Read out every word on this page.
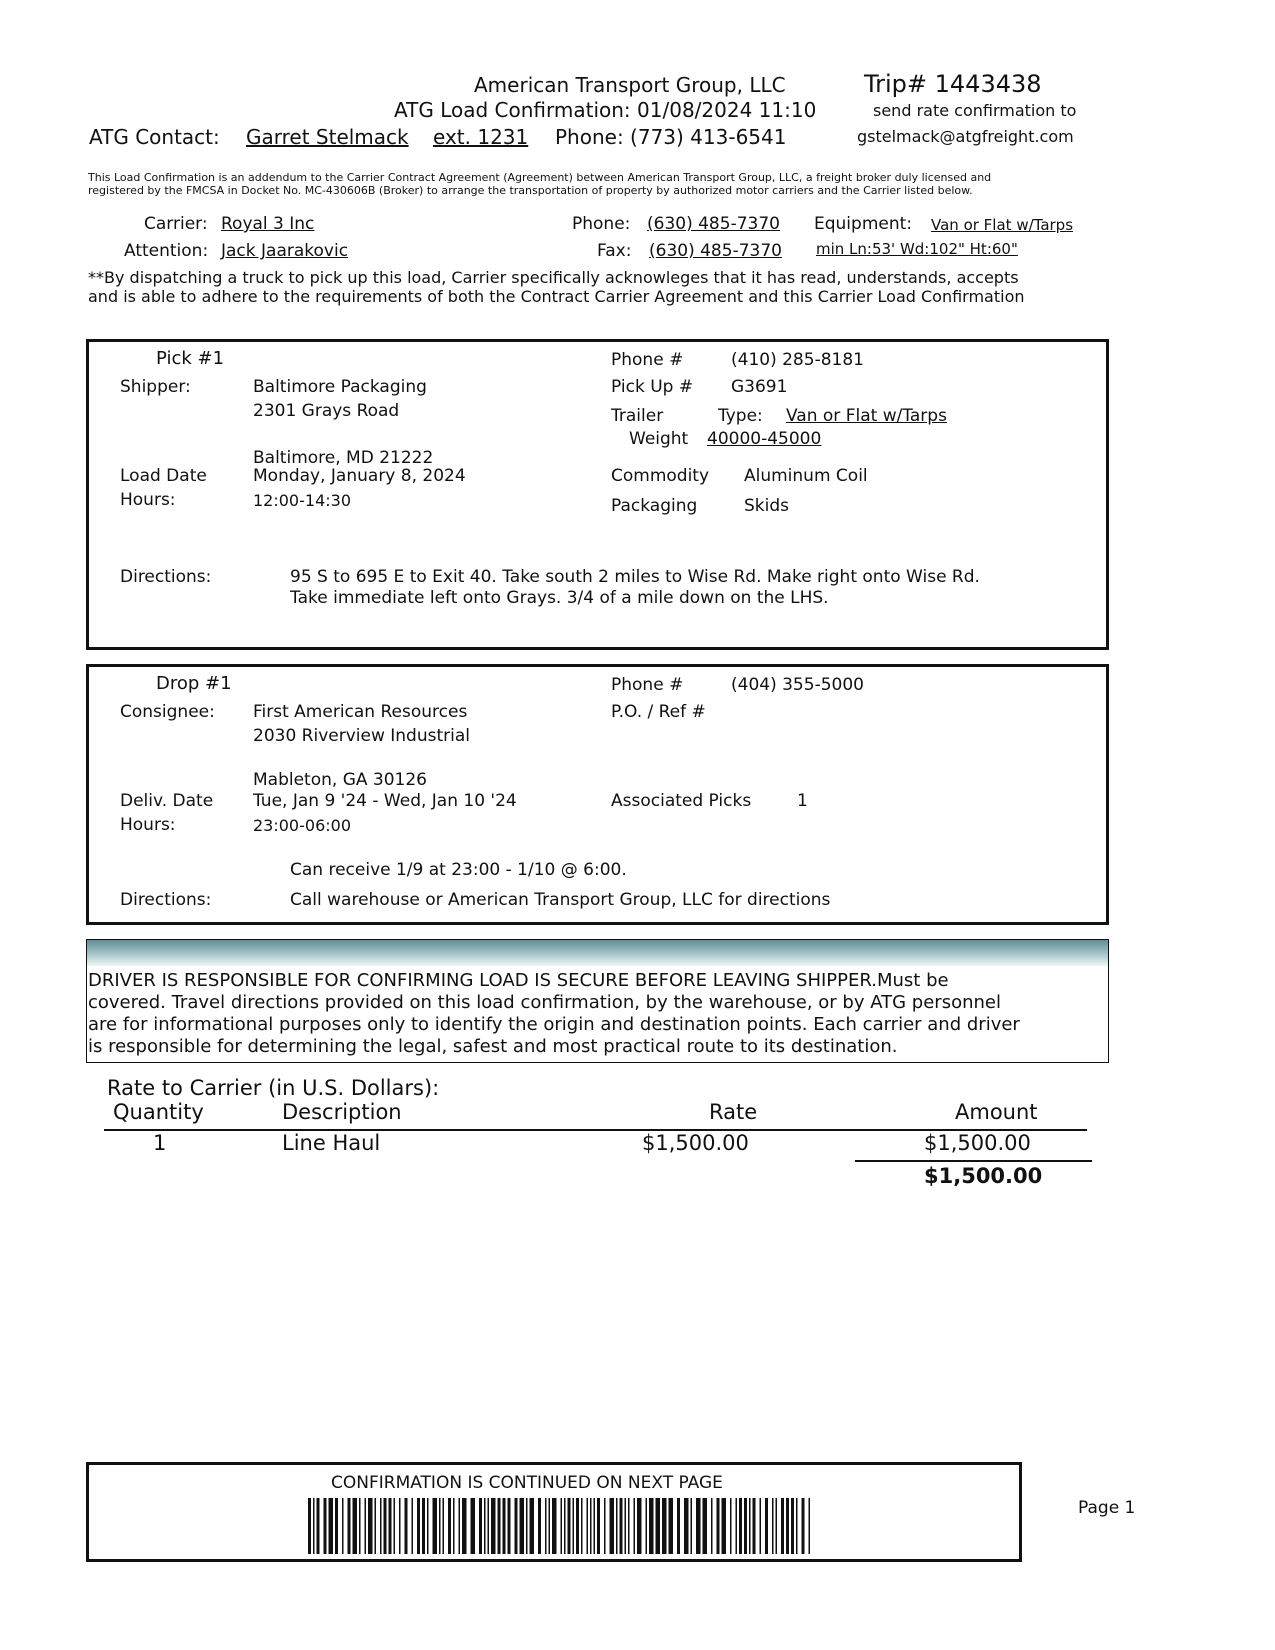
American Transport Group, LLC	Trip# 1443438
ATG Load Confirmation: 01/08/2024 11:10	send rate confirmation to
ATG Contact: Garret Stelmack ext. 1231 Phone: (773) 413-6541	gstelmack@atgfreight.com
This Load Confirmation is an addendum to the Carrier Contract Agreement (Agreement) between American Transport Group, LLC, a freight broker duly licensed and
registered by the FMCSA in Docket No. MC-430606B (Broker) to arrange the transportation of property by authorized motor carriers and the Carrier listed below.
Carrier: Royal 3 Inc
Attention: Jack Jaarakovic
Phone: (630) 485-7370
Fax: (630) 485-7370
Equipment: Van or Flat w/Tarps
min Ln:53' Wd:102" Ht:60"
**By dispatching a truck to pick up this load, Carrier specifically acknowleges that it has read, understands, accepts
and is able to adhere to the requirements of both the Contract Carrier Agreement and this Carrier Load Confirmation
Pick #1
Shipper:	Baltimore Packaging
2301 Grays Road
Baltimore, MD 21222
Load Date	Monday, January 8, 2024
Hours:	12:00-14:30
Phone #	(410) 285-8181
Pick Up # G3691
Trailer	Type: Van or Flat w/Tarps
Weight 40000-45000
Commodity Aluminum Coil
Packaging	Skids
Directions:	95 S to 695 E to Exit 40. Take south 2 miles to Wise Rd. Make right onto Wise Rd.
Take immediate left onto Grays. 3/4 of a mile down on the LHS.
Drop #1
Consignee: First American Resources
2030 Riverview Industrial
Mableton, GA 30126
Deliv. Date Tue, Jan 9 '24 - Wed, Jan 10 '24
Hours:	23:00-06:00
Phone #	(404) 355-5000
P.O. / Ref #
Associated Picks	1
Can receive 1/9 at 23:00 - 1/10 @ 6:00.
Directions:	Call warehouse or American Transport Group, LLC for directions
DRIVER IS RESPONSIBLE FOR CONFIRMING LOAD IS SECURE BEFORE LEAVING SHIPPER.Must be
covered. Travel directions provided on this load confirmation, by the warehouse, or by ATG personnel
are for informational purposes only to identify the origin and destination points. Each carrier and driver
is responsible for determining the legal, safest and most practical route to its destination.
Rate to Carrier (in U.S. Dollars):
Quantity	Description	Rate	Amount
1	Line Haul	$1,500.00	$1,500.00
$1,500.00
CONFIRMATION IS CONTINUED ON NEXT PAGE
Page 1
